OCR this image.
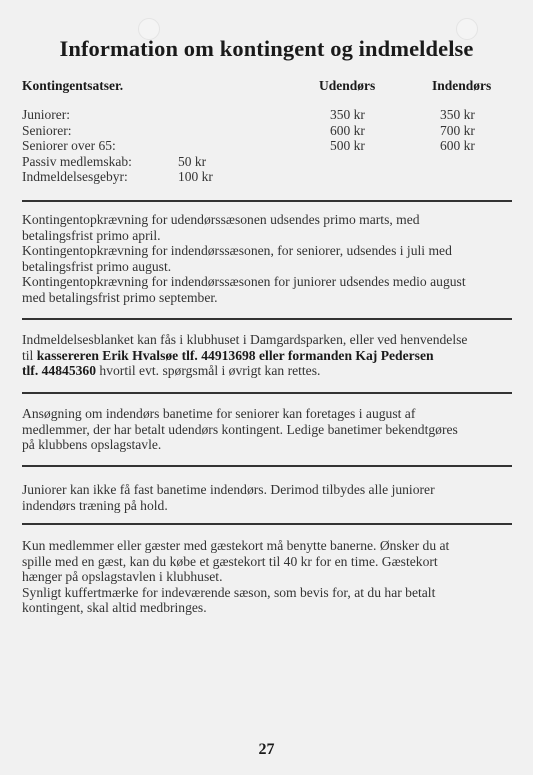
Information om kontingent og indmeldelse
Kontingentsatser.	Udendørs	Indendørs
Juniorer:	350 kr	350 kr
Seniorer:	600 kr	700 kr
Seniorer over 65:	500 kr	600 kr
Passiv medlemskab:	50 kr
Indmeldelsesgebyr:	100 kr

Kontingentopkrævning for udendørssæsonen udsendes primo marts, med

betalingsfrist primo april.

Kontingentopkrævning for indendørssæsonen, for seniorer, udsendes i juli med

betalingsfrist primo august.

Kontingentopkrævning for indendørssæsonen for juniorer udsendes medio august

med betalingsfrist primo september.

Indmeldelsesblanket kan fås i klubhuset i Damgardsparken, eller ved henvendelse

til kassereren Erik Hvalsøe tlf. 44913698 eller formanden Kaj Pedersen

tlf. 44845360 hvortil evt. spørgsmål i øvrigt kan rettes.

Ansøgning om indendørs banetime for seniorer kan foretages i august af

medlemmer, der har betalt udendørs kontingent. Ledige banetimer bekendtgøres

på klubbens opslagstavle.

Juniorer kan ikke få fast banetime indendørs. Derimod tilbydes alle juniorer

indendørs træning på hold.

Kun medlemmer eller gæster med gæstekort må benytte banerne. Ønsker du at

spille med en gæst, kan du købe et gæstekort til 40 kr for en time. Gæstekort

hænger på opslagstavlen i klubhuset.

Synligt kuffertmærke for indeværende sæson, som bevis for, at du har betalt

kontingent, skal altid medbringes.

27
